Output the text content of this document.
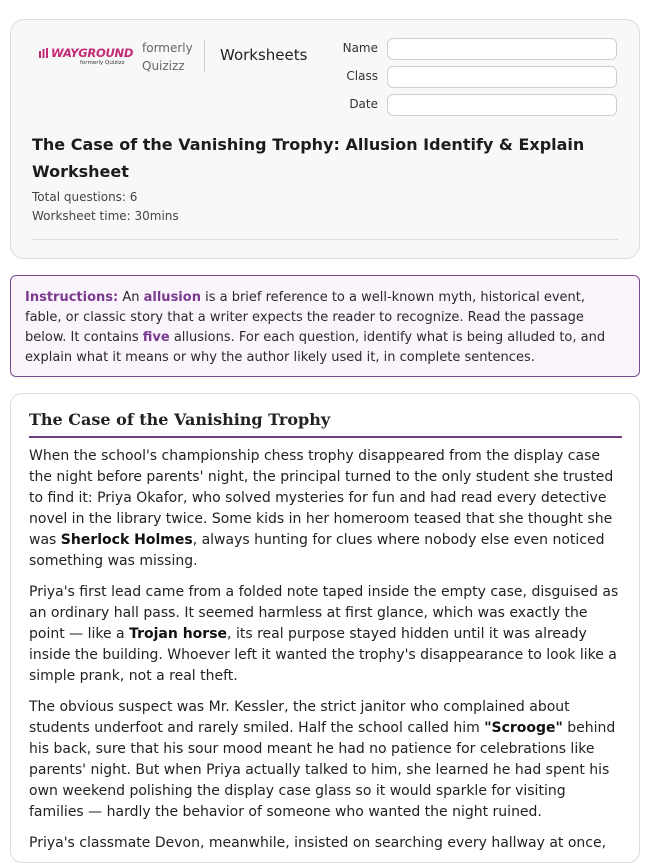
WAYGROUND
formerly Quizizz
formerly
Quizizz
Worksheets	Name
Class
Date
The Case of the Vanishing Trophy: Allusion Identify & Explain Worksheet
Total questions: 6
Worksheet time: 30mins
Instructions: An allusion is a brief reference to a well-known myth, historical event, fable, or classic story that a writer expects the reader to recognize. Read the passage below. It contains five allusions. For each question, identify what is being alluded to, and explain what it means or why the author likely used it, in complete sentences.
The Case of the Vanishing Trophy

When the school's championship chess trophy disappeared from the display case the night before parents' night, the principal turned to the only student she trusted to find it: Priya Okafor, who solved mysteries for fun and had read every detective novel in the library twice. Some kids in her homeroom teased that she thought she was Sherlock Holmes, always hunting for clues where nobody else even noticed something was missing.

Priya's first lead came from a folded note taped inside the empty case, disguised as an ordinary hall pass. It seemed harmless at first glance, which was exactly the point — like a Trojan horse, its real purpose stayed hidden until it was already inside the building. Whoever left it wanted the trophy's disappearance to look like a simple prank, not a real theft.

The obvious suspect was Mr. Kessler, the strict janitor who complained about students underfoot and rarely smiled. Half the school called him "Scrooge" behind his back, sure that his sour mood meant he had no patience for celebrations like parents' night. But when Priya actually talked to him, she learned he had spent his own weekend polishing the display case glass so it would sparkle for visiting families — hardly the behavior of someone who wanted the night ruined.

Priya's classmate Devon, meanwhile, insisted on searching every hallway at once,
